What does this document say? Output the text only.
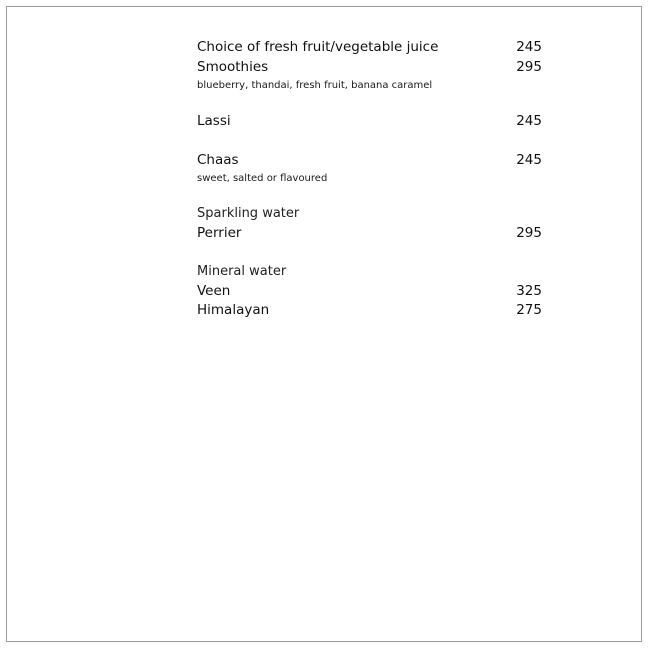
Choice of fresh fruit/vegetable juice	245
Smoothies	295
blueberry, thandai, fresh fruit, banana caramel
Lassi	245
Chaas	245
sweet, salted or flavoured
Sparkling water
Perrier	295
Mineral water
Veen	325
Himalayan	275
